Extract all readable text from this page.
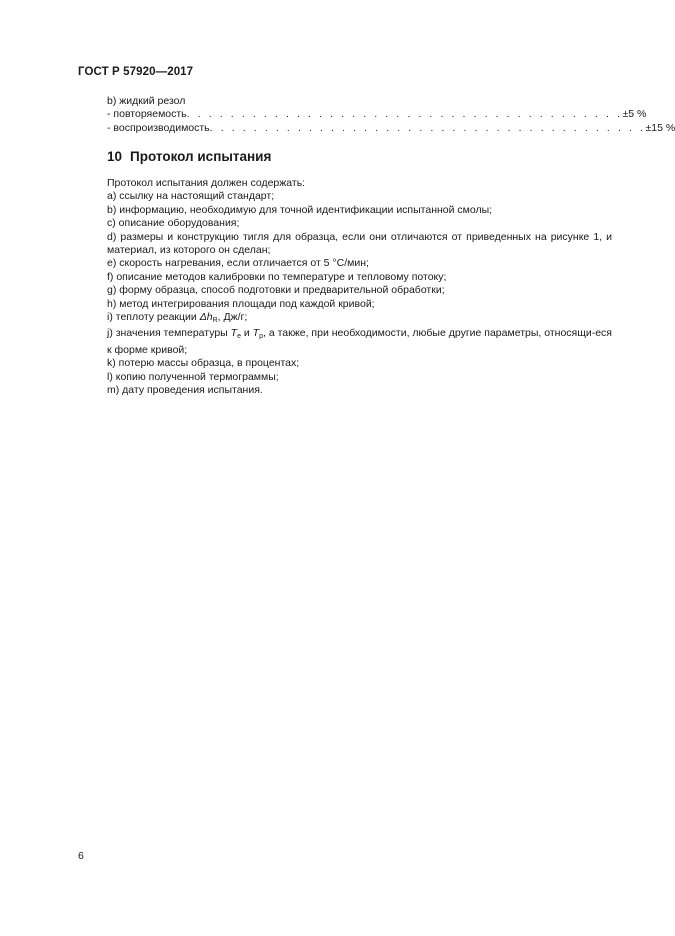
ГОСТ Р 57920—2017
b) жидкий резол
- повторяемость . . . . . . . . . . . . . . . . . . . . . . . . . . . . . . . . . . . . . . . . ±5 %
- воспроизводимость . . . . . . . . . . . . . . . . . . . . . . . . . . . . . . . . . . . . . . . . ±15 %
10 Протокол испытания
Протокол испытания должен содержать:
а) ссылку на настоящий стандарт;
b) информацию, необходимую для точной идентификации испытанной смолы;
c) описание оборудования;
d) размеры и конструкцию тигля для образца, если они отличаются от приведенных на рисунке 1, и материал, из которого он сделан;
e) скорость нагревания, если отличается от 5 °C/мин;
f) описание методов калибровки по температуре и тепловому потоку;
g) форму образца, способ подготовки и предварительной обработки;
h) метод интегрирования площади под каждой кривой;
i) теплоту реакции $\Delta h_R$, Дж/г;
j) значения температуры $T_e$ и $T_p$, а также, при необходимости, любые другие параметры, относящи-еся к форме кривой;
k) потерю массы образца, в процентах;
l) копию полученной термограммы;
m) дату проведения испытания.
6
